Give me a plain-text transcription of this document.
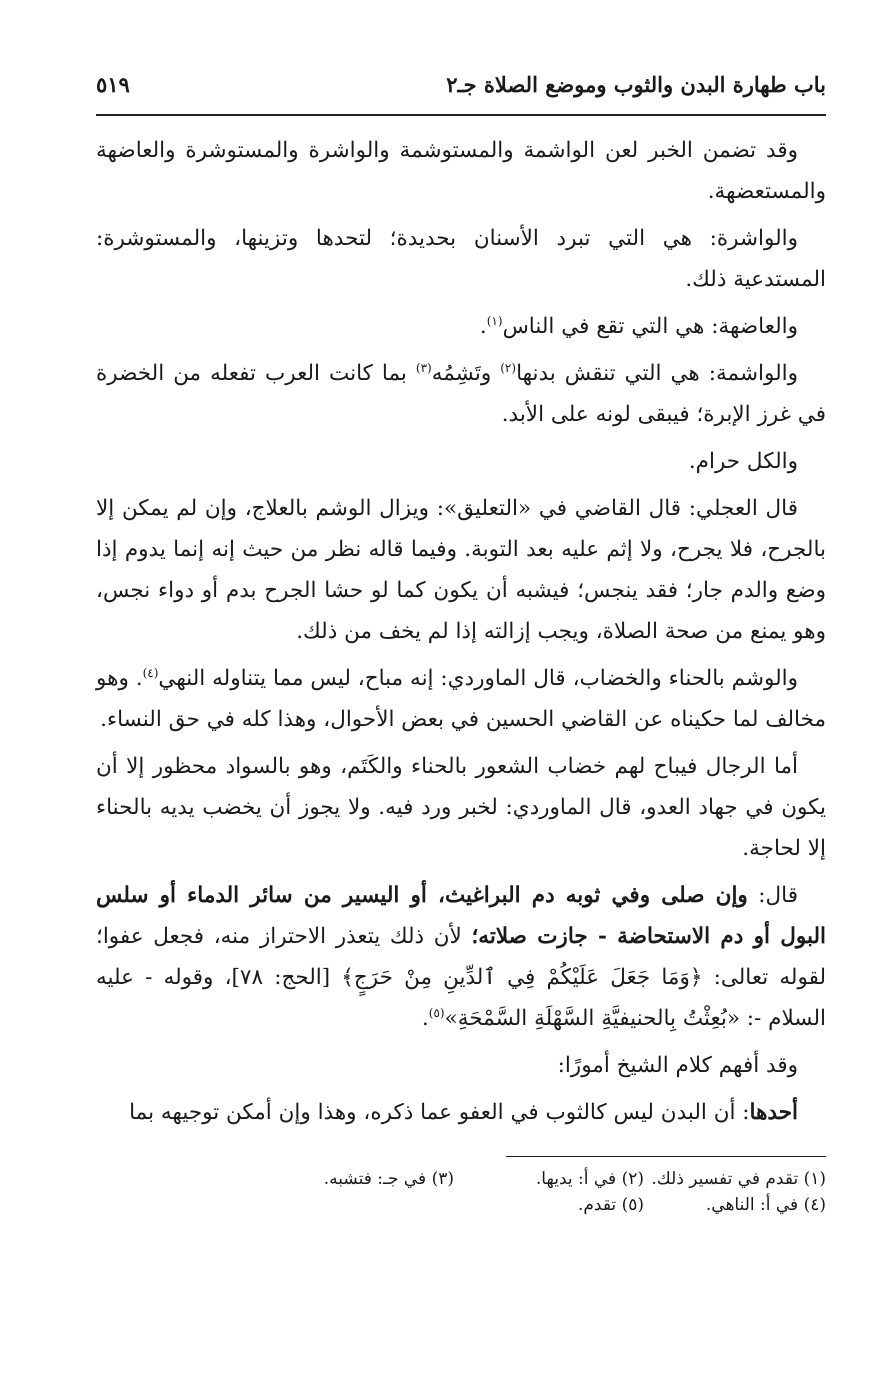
باب طهارة البدن والثوب وموضع الصلاة جـ٢
٥١٩

وقد تضمن الخبر لعن الواشمة والمستوشمة والواشرة والمستوشرة والعاضهة والمستعضهة.

والواشرة: هي التي تبرد الأسنان بحديدة؛ لتحدها وتزينها، والمستوشرة: المستدعية ذلك.

والعاضهة: هي التي تقع في الناس$^{(١)}$.

والواشمة: هي التي تنقش بدنها$^{(٢)}$ وتَشِمُه$^{(٣)}$ بما كانت العرب تفعله من الخضرة في غرز الإبرة؛ فيبقى لونه على الأبد.

والكل حرام.

قال العجلي: قال القاضي في «التعليق»: ويزال الوشم بالعلاج، وإن لم يمكن إلا بالجرح، فلا يجرح، ولا إثم عليه بعد التوبة. وفيما قاله نظر من حيث إنه إنما يدوم إذا وضع والدم جار؛ فقد ينجس؛ فيشبه أن يكون كما لو حشا الجرح بدم أو دواء نجس، وهو يمنع من صحة الصلاة، ويجب إزالته إذا لم يخف من ذلك.

والوشم بالحناء والخضاب، قال الماوردي: إنه مباح، ليس مما يتناوله النهي$^{(٤)}$. وهو مخالف لما حكيناه عن القاضي الحسين في بعض الأحوال، وهذا كله في حق النساء.

أما الرجال فيباح لهم خضاب الشعور بالحناء والكَتَم، وهو بالسواد محظور إلا أن يكون في جهاد العدو، قال الماوردي: لخبر ورد فيه. ولا يجوز أن يخضب يديه بالحناء إلا لحاجة.

قال: وإن صلى وفي ثوبه دم البراغيث، أو اليسير من سائر الدماء أو سلس البول أو دم الاستحاضة - جازت صلاته؛ لأن ذلك يتعذر الاحتراز منه، فجعل عفوا؛ لقوله تعالى: ﴿وَمَا جَعَلَ عَلَيْكُمْ فِي ٱلدِّينِ مِنْ حَرَجٍ﴾ [الحج: ٧٨]، وقوله - عليه السلام -: «بُعِثْتُ بِالحنيفيَّةِ السَّهْلَةِ السَّمْحَةِ»$^{(٥)}$.

وقد أفهم كلام الشيخ أمورًا:

أحدها: أن البدن ليس كالثوب في العفو عما ذكره، وهذا وإن أمكن توجيهه بما

(١) تقدم في تفسير ذلك.
(٢) في أ: يديها.
(٣) في جـ: فتشبه.
(٤) في أ: الناهي.
(٥) تقدم.
